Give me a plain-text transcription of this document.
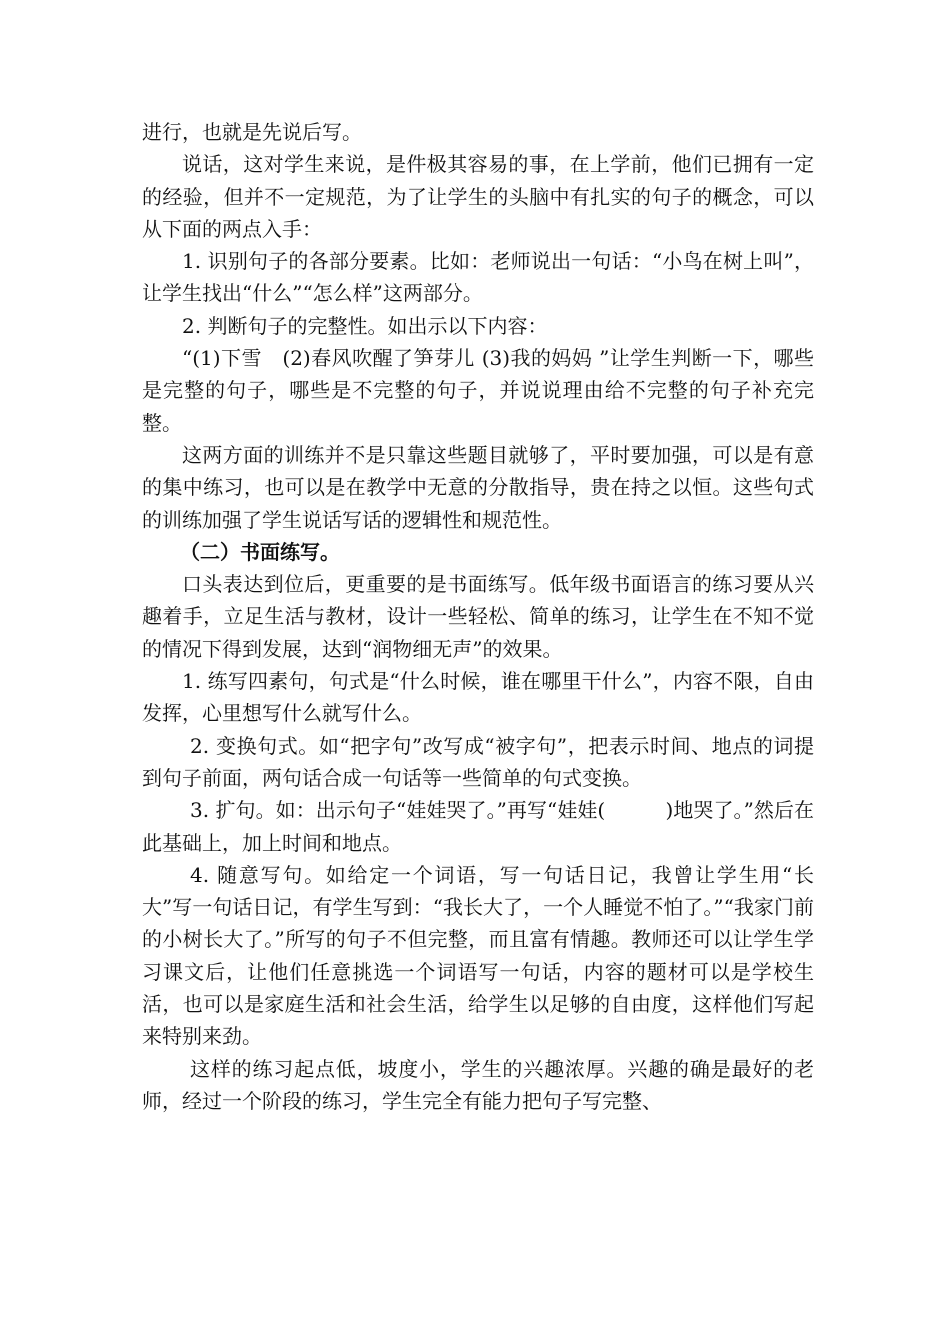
进行，也就是先说后写。

说话，这对学生来说，是件极其容易的事，在上学前，他们已拥有一定的经验，但并不一定规范，为了让学生的头脑中有扎实的句子的概念，可以从下面的两点入手：

1. 识别句子的各部分要素。比如：老师说出一句话：“小鸟在树上叫”，让学生找出“什么”“怎么样”这两部分。

2. 判断句子的完整性。如出示以下内容：

“(1)下雪　(2)春风吹醒了笋芽儿 (3)我的妈妈 ”让学生判断一下，哪些是完整的句子，哪些是不完整的句子，并说说理由给不完整的句子补充完整。

这两方面的训练并不是只靠这些题目就够了，平时要加强，可以是有意的集中练习，也可以是在教学中无意的分散指导，贵在持之以恒。这些句式的训练加强了学生说话写话的逻辑性和规范性。

（二）书面练写。

口头表达到位后，更重要的是书面练写。低年级书面语言的练习要从兴趣着手，立足生活与教材，设计一些轻松、简单的练习，让学生在不知不觉的情况下得到发展，达到“润物细无声”的效果。

1. 练写四素句，句式是“什么时候，谁在哪里干什么”，内容不限，自由发挥，心里想写什么就写什么。

2. 变换句式。如“把字句”改写成“被字句”，把表示时间、地点的词提到句子前面，两句话合成一句话等一些简单的句式变换。

3. 扩句。如：出示句子“娃娃哭了。”再写“娃娃(　　　)地哭了。”然后在此基础上，加上时间和地点。

4. 随意写句。如给定一个词语，写一句话日记，我曾让学生用“长大”写一句话日记，有学生写到：“我长大了，一个人睡觉不怕了。”“我家门前的小树长大了。”所写的句子不但完整，而且富有情趣。教师还可以让学生学习课文后，让他们任意挑选一个词语写一句话，内容的题材可以是学校生活，也可以是家庭生活和社会生活，给学生以足够的自由度，这样他们写起来特别来劲。

这样的练习起点低，坡度小，学生的兴趣浓厚。兴趣的确是最好的老师，经过一个阶段的练习，学生完全有能力把句子写完整、
